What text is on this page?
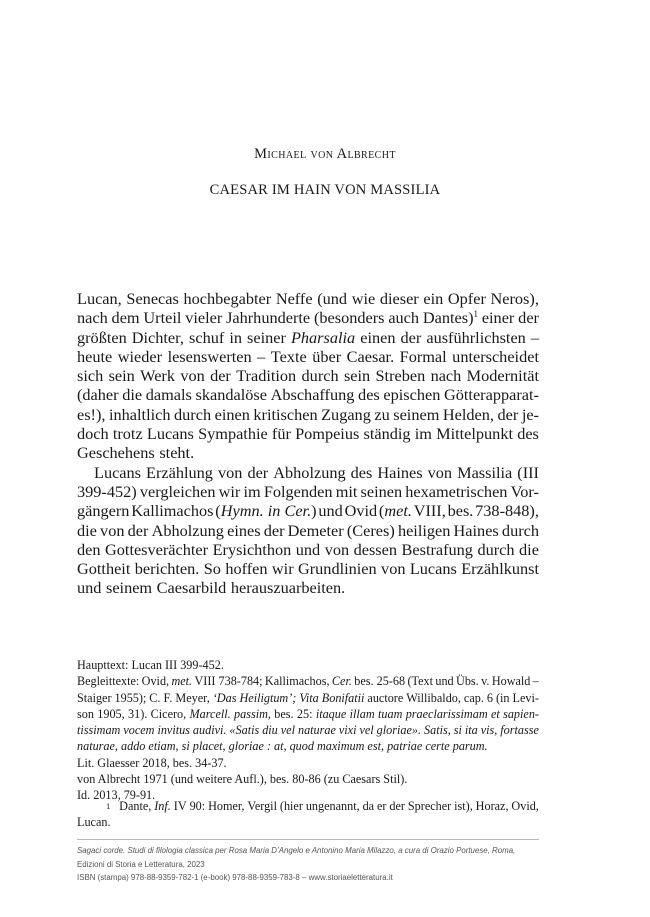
Michael von Albrecht
CAESAR IM HAIN VON MASSILIA
Lucan, Senecas hochbegabter Neffe (und wie dieser ein Opfer Neros),
nach dem Urteil vieler Jahrhunderte (besonders auch Dantes)$^1$ einer der
größten Dichter, schuf in seiner Pharsalia einen der ausführlichsten –
heute wieder lesenswerten – Texte über Caesar. Formal unterscheidet
sich sein Werk von der Tradition durch sein Streben nach Modernität
(daher die damals skandalöse Abschaffung des epischen Götterapparat-
es!), inhaltlich durch einen kritischen Zugang zu seinem Helden, der je-
doch trotz Lucans Sympathie für Pompeius ständig im Mittelpunkt des
Geschehens steht.
Lucans Erzählung von der Abholzung des Haines von Massilia (III
399-452) vergleichen wir im Folgenden mit seinen hexametrischen Vor-
gängern Kallimachos (Hymn. in Cer.) und Ovid (met. VIII, bes. 738-848),
die von der Abholzung eines der Demeter (Ceres) heiligen Haines durch
den Gottesverächter Erysichthon und von dessen Bestrafung durch die
Gottheit berichten. So hoffen wir Grundlinien von Lucans Erzählkunst
und seinem Caesarbild herauszuarbeiten.
Haupttext: Lucan III 399-452.
Begleittexte: Ovid, met. VIII 738-784; Kallimachos, Cer. bes. 25-68 (Text und Übs. v. Howald –
Staiger 1955); C. F. Meyer, ‘Das Heiligtum’; Vita Bonifatii auctore Willibaldo, cap. 6 (in Levi-
son 1905, 31). Cicero, Marcell. passim, bes. 25: itaque illam tuam praeclarissimam et sapien-
tissimam vocem invitus audivi. «Satis diu vel naturae vixi vel gloriae». Satis, si ita vis, fortasse
naturae, addo etiam, si placet, gloriae : at, quod maximum est, patriae certe parum.
Lit. Glaesser 2018, bes. 34-37.
von Albrecht 1971 (und weitere Aufl.), bes. 80-86 (zu Caesars Stil).
Id. 2013, 79-91.
1 Dante, Inf. IV 90: Homer, Vergil (hier ungenannt, da er der Sprecher ist), Horaz, Ovid,
Lucan.
Sagaci corde. Studi di filologia classica per Rosa Maria D’Angelo e Antonino Maria Milazzo, a cura di Orazio Portuese, Roma,
Edizioni di Storia e Letteratura, 2023
ISBN (stampa) 978-88-9359-782-1 (e-book) 978-88-9359-783-8 – www.storiaeletteratura.it
